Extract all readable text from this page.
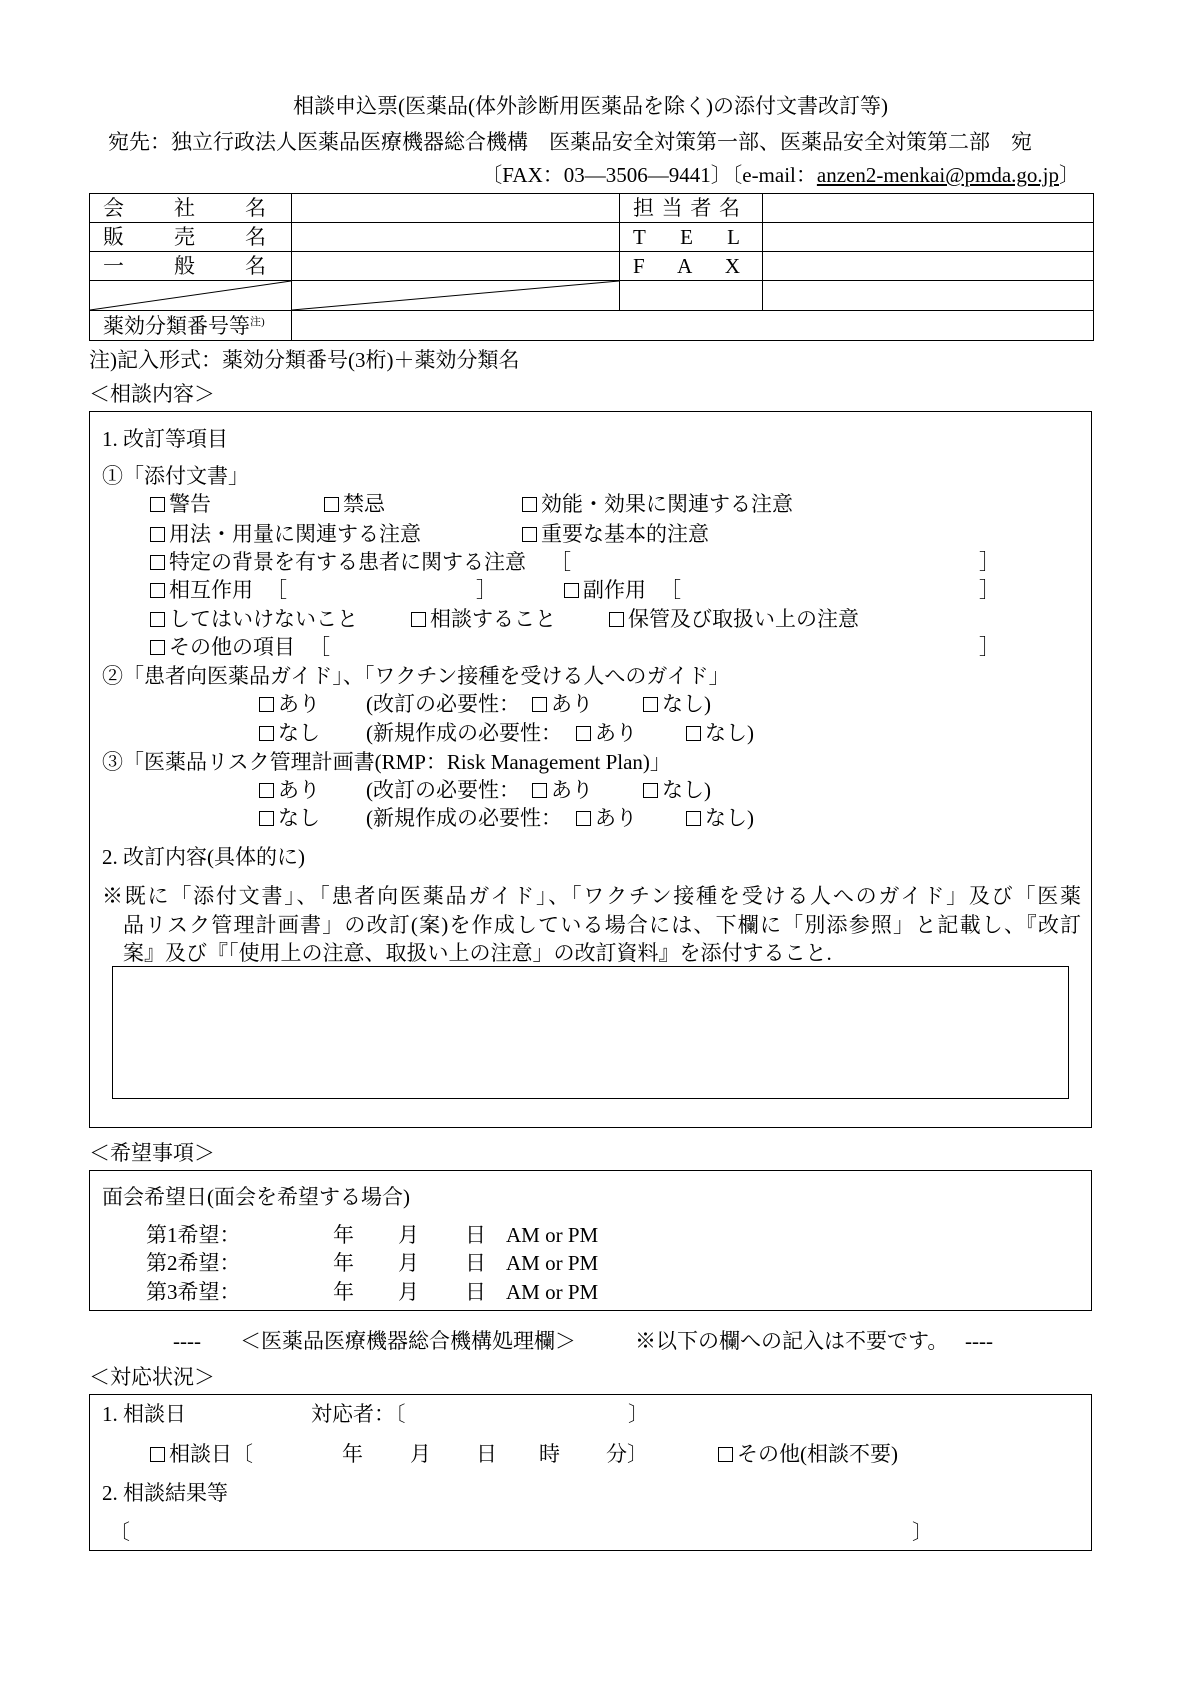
相談申込票(医薬品(体外診断用医薬品を除く)の添付文書改訂等)
宛先：独立行政法人医薬品医療機器総合機構　医薬品安全対策第一部、医薬品安全対策第二部　宛
〔FAX：03―3506―9441〕〔e-mail：anzen2-menkai@pmda.go.jp〕
会 社 名		担 当 者 名	

販 売 名		T E L	

一 般 名		F A X	

薬効分類番号等$^{注)}$	
注)記入形式：薬効分類番号(3桁)＋薬効分類名
＜相談内容＞
1. 改訂等項目
①「添付文書」
警告	禁忌	効能・効果に関連する注意
用法・用量に関連する注意	重要な基本的注意
特定の背景を有する患者に関する注意 ［	］
相互作用 ［	］	副作用 ［	］
してはいけないこと	相談すること	保管及び取扱い上の注意
その他の項目 ［	］
②「患者向医薬品ガイド」、「ワクチン接種を受ける人へのガイド」
あり (改訂の必要性： あり	なし)
なし (新規作成の必要性： あり	なし)
③「医薬品リスク管理計画書(RMP：Risk Management Plan)」
あり (改訂の必要性： あり	なし)
なし (新規作成の必要性： あり	なし)
2. 改訂内容(具体的に)
※既に「添付文書」、「患者向医薬品ガイド」、「ワクチン接種を受ける人へのガイド」及び「医薬
品リスク管理計画書」の改訂(案)を作成している場合には、下欄に「別添参照」と記載し、『改訂
案』及び『「使用上の注意、取扱い上の注意」の改訂資料』を添付すること.
＜希望事項＞
面会希望日(面会を希望する場合)
第1希望：	年 月 日 AM or PM
第2希望：	年 月 日 AM or PM
第3希望：	年 月 日 AM or PM
---- ＜医薬品医療機器総合機構処理欄＞	※以下の欄への記入は不要です。 ----
＜対応状況＞
1. 相談日	対応者：〔	〕
相談日〔	年 月 日 時 分〕	その他(相談不要)
2. 相談結果等
〔	〕
